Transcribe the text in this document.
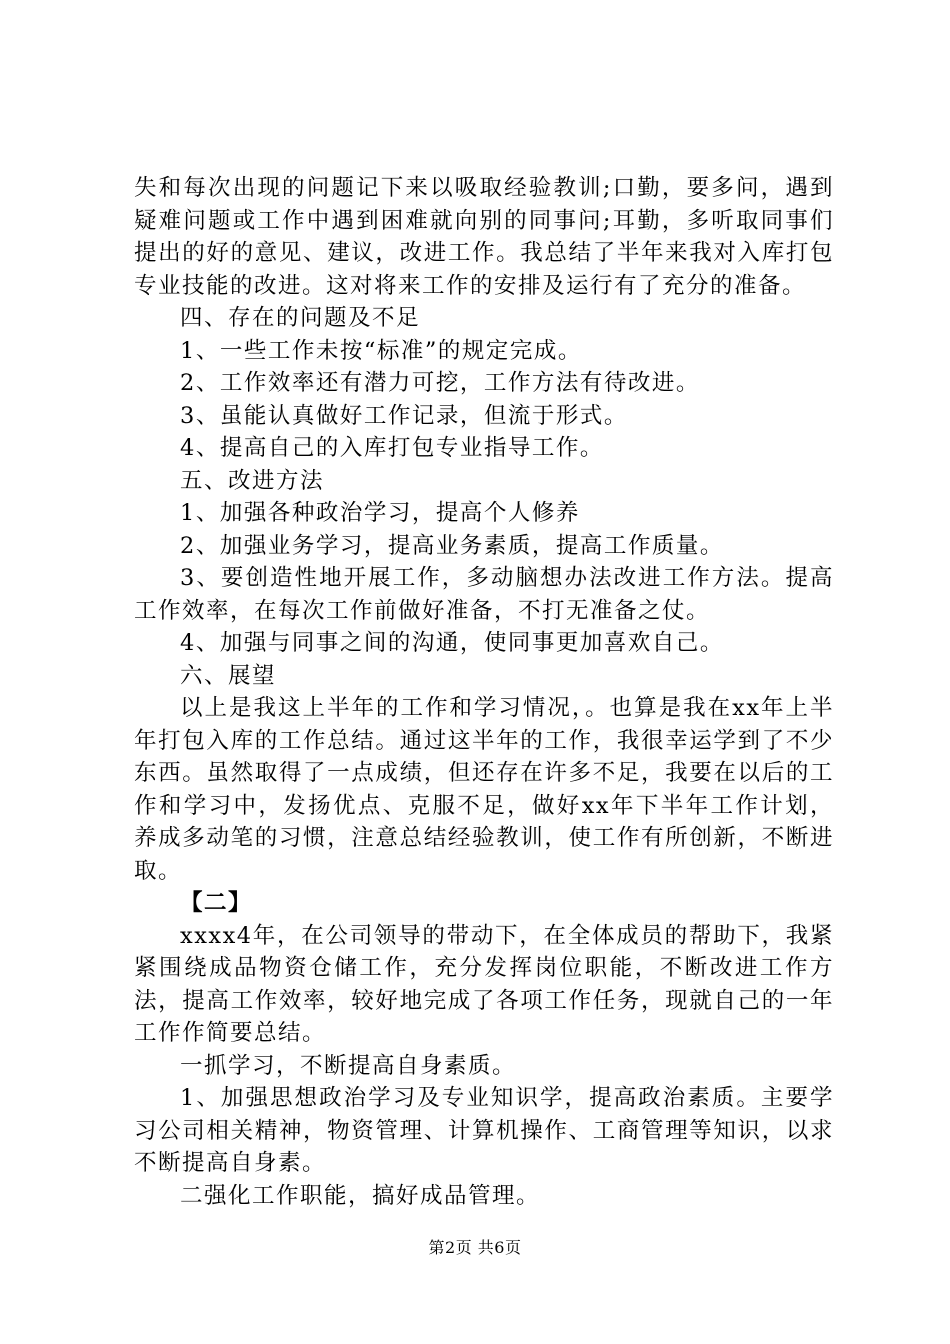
失和每次出现的问题记下来以吸取经验教训;口勤，要多问，遇到疑难问题或工作中遇到困难就向别的同事问;耳勤，多听取同事们提出的好的意见、建议，改进工作。我总结了半年来我对入库打包专业技能的改进。这对将来工作的安排及运行有了充分的准备。

四、存在的问题及不足

1、一些工作未按“标准”的规定完成。

2、工作效率还有潜力可挖，工作方法有待改进。

3、虽能认真做好工作记录，但流于形式。

4、提高自己的入库打包专业指导工作。

五、改进方法

1、加强各种政治学习，提高个人修养

2、加强业务学习，提高业务素质，提高工作质量。

3、要创造性地开展工作，多动脑想办法改进工作方法。提高工作效率，在每次工作前做好准备，不打无准备之仗。

4、加强与同事之间的沟通，使同事更加喜欢自己。

六、展望

以上是我这上半年的工作和学习情况，。也算是我在xx年上半年打包入库的工作总结。通过这半年的工作，我很幸运学到了不少东西。虽然取得了一点成绩，但还存在许多不足，我要在以后的工作和学习中，发扬优点、克服不足，做好xx年下半年工作计划，养成多动笔的习惯，注意总结经验教训，使工作有所创新，不断进取。

【二】

xxxx4年，在公司领导的带动下，在全体成员的帮助下，我紧紧围绕成品物资仓储工作，充分发挥岗位职能，不断改进工作方法，提高工作效率，较好地完成了各项工作任务，现就自己的一年工作作简要总结。

一抓学习，不断提高自身素质。

1、加强思想政治学习及专业知识学，提高政治素质。主要学习公司相关精神，物资管理、计算机操作、工商管理等知识，以求不断提高自身素。

二强化工作职能，搞好成品管理。

第2页 共6页
